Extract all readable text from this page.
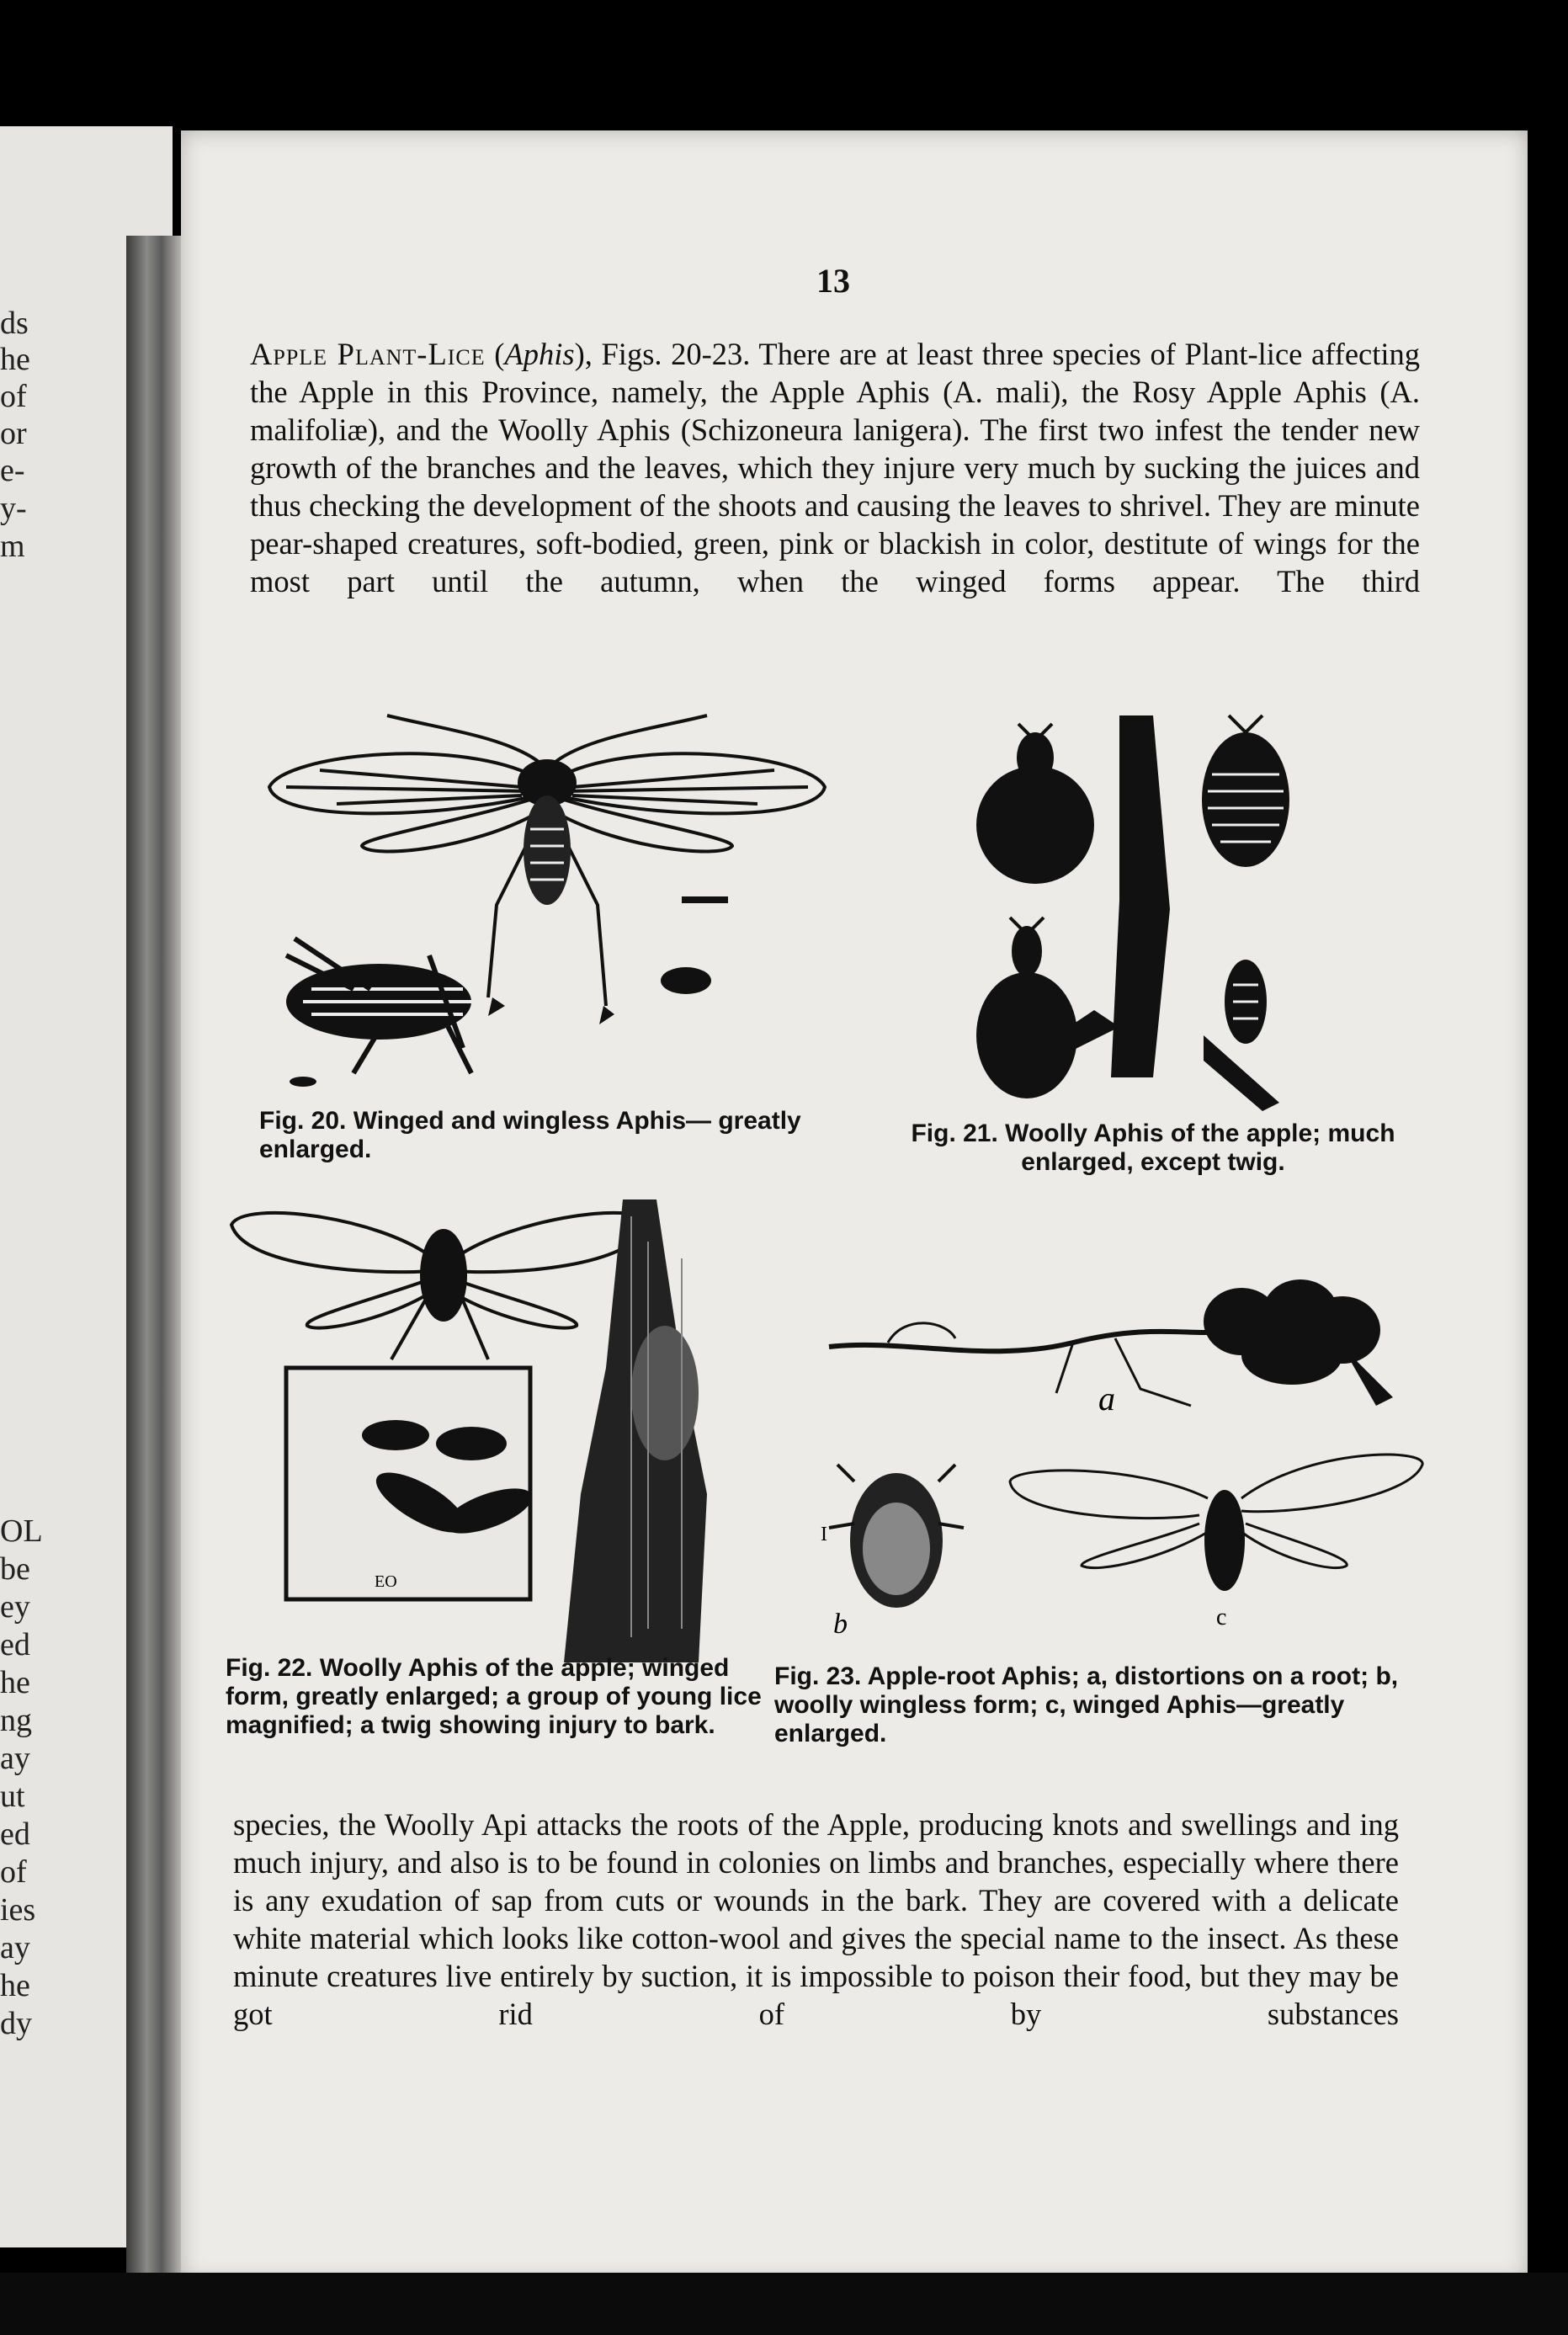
ds
he
of
or
e-
y-
m
OL
be
ey
ed
he
ng
ay
ut
ed
of
ies
ay
he
dy
13
Apple Plant-Lice (Aphis), Figs. 20-23. There are at least three species of Plant-lice affecting the Apple in this Province, namely, the Apple Aphis (A. mali), the Rosy Apple Aphis (A. malifoliæ), and the Woolly Aphis (Schizoneura lanigera). The first two infest the tender new growth of the branches and the leaves, which they injure very much by sucking the juices and thus checking the development of the shoots and causing the leaves to shrivel. They are minute pear-shaped creatures, soft-bodied, green, pink or blackish in color, destitute of wings for the most part until the autumn, when the winged forms appear. The third
Fig. 20. Winged and wingless Aphis— greatly enlarged.
Fig. 21. Woolly Aphis of the apple; much enlarged, except twig.
EO
Fig. 22. Woolly Aphis of the apple; winged form, greatly enlarged; a group of young lice magnified; a twig showing injury to bark.
a
I
b	c
Fig. 23. Apple-root Aphis; a, distortions on a root; b, woolly wingless form; c, winged Aphis—greatly enlarged.
species, the Woolly Api attacks the roots of the Apple, producing knots and swellings and ing much injury, and also is to be found in colonies on limbs and branches, especially where there is any exudation of sap from cuts or wounds in the bark. They are covered with a delicate white material which looks like cotton-wool and gives the special name to the insect. As these minute creatures live entirely by suction, it is impossible to poison their food, but they may be got rid of by substances
